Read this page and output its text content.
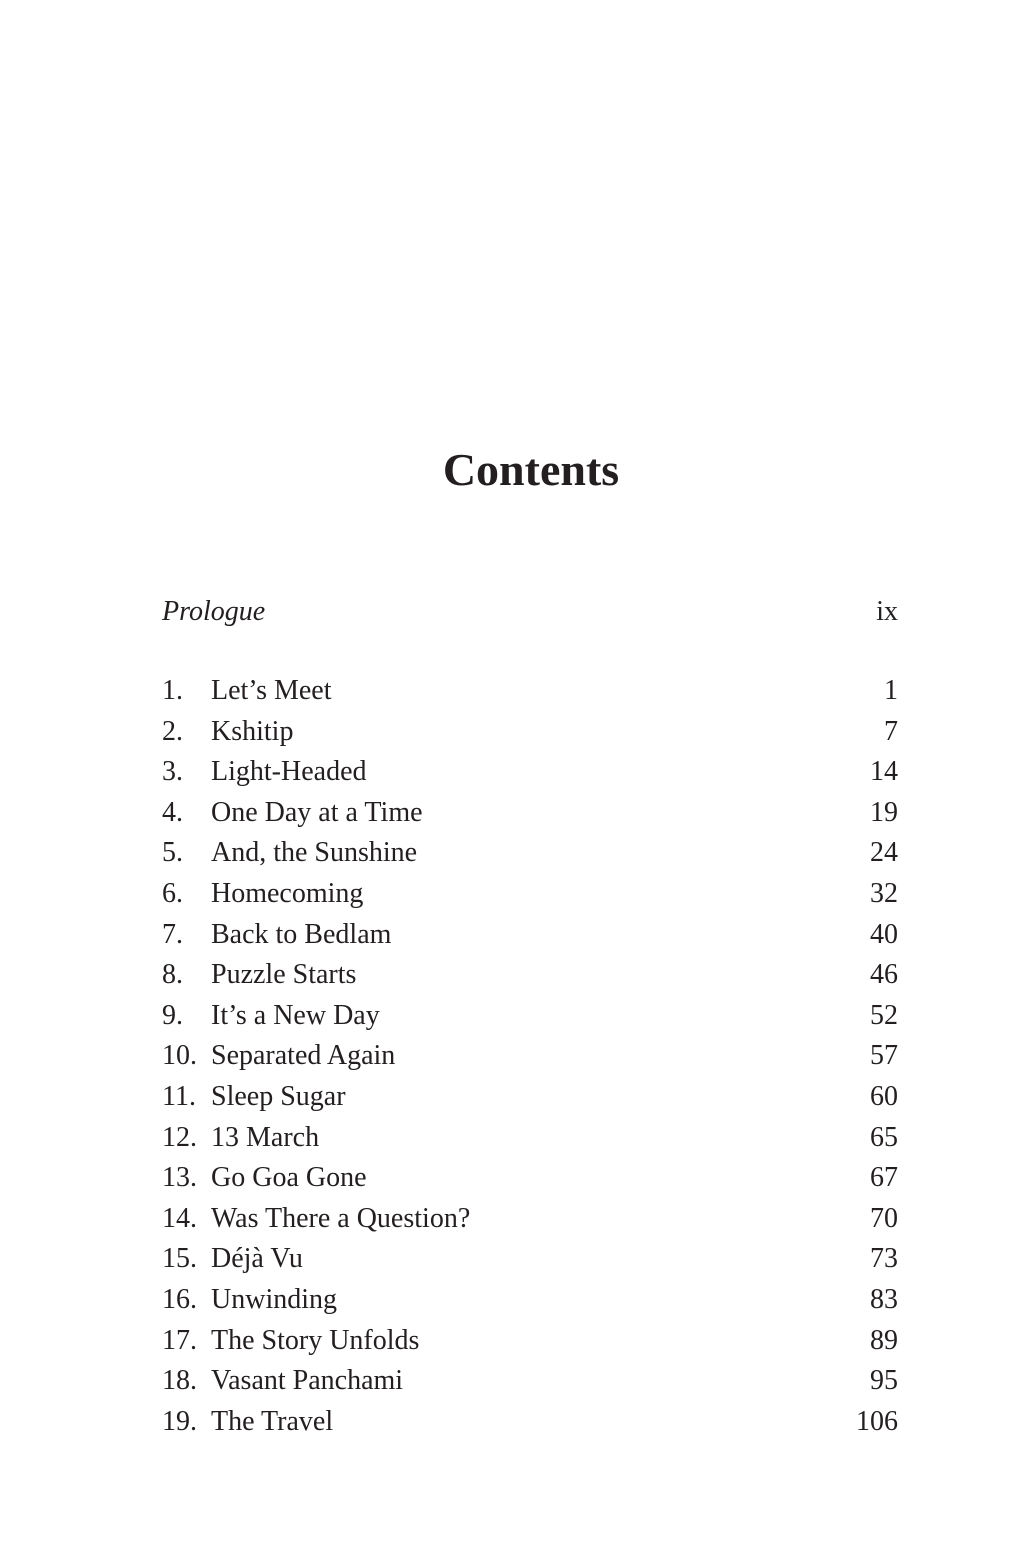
Contents
Prologue	ix
1.	Let’s Meet	1
2.	Kshitip	7
3.	Light-Headed	14
4.	One Day at a Time	19
5.	And, the Sunshine	24
6.	Homecoming	32
7.	Back to Bedlam	40
8.	Puzzle Starts	46
9.	It’s a New Day	52
10. Separated Again	57
11. Sleep Sugar	60
12. 13 March	65
13. Go Goa Gone	67
14. Was There a Question?	70
15. Déjà Vu	73
16. Unwinding	83
17. The Story Unfolds	89
18. Vasant Panchami	95
19. The Travel	106
